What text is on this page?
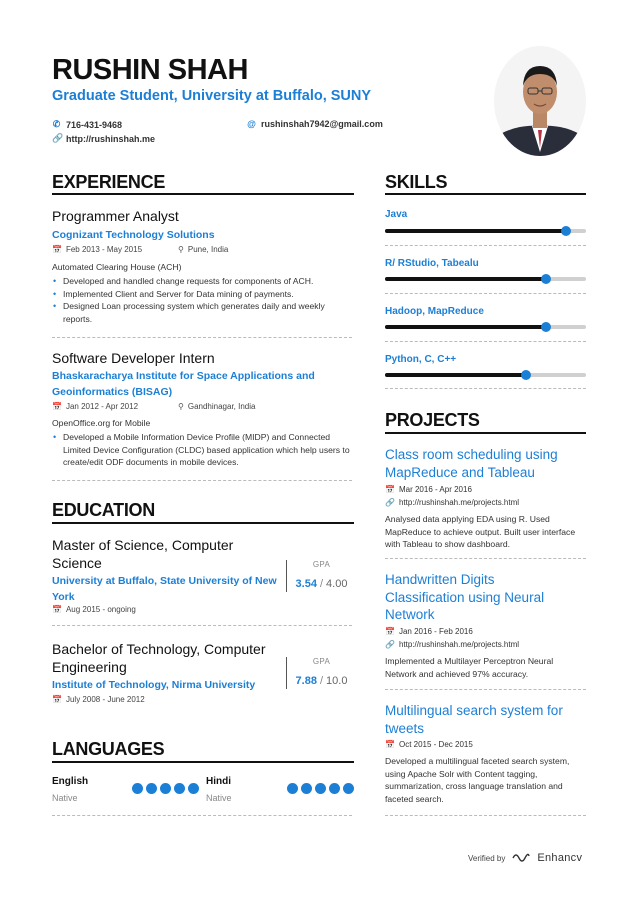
RUSHIN SHAH
Graduate Student, University at Buffalo, SUNY
✆ 716-431-9468	@ rushinshah7942@gmail.com
🔗 http://rushinshah.me
EXPERIENCE
Programmer Analyst
Cognizant Technology Solutions
📅 Feb 2013 - May 2015	⚲ Pune, India
Automated Clearing House (ACH)
• Developed and handled change requests for components of ACH.
• Implemented Client and Server for Data mining of payments.
• Designed Loan processing system which generates daily and weekly reports.
Software Developer Intern
Bhaskaracharya Institute for Space Applications and Geoinformatics (BISAG)
📅 Jan 2012 - Apr 2012	⚲ Gandhinagar, India
OpenOffice.org for Mobile
• Developed a Mobile Information Device Profile (MIDP) and Connected Limited Device Configuration (CLDC) based application which help users to create/edit ODF documents in mobile devices.
EDUCATION
Master of Science, Computer Science
University at Buffalo, State University of New York
📅 Aug 2015 - ongoing
GPA
3.54 / 4.00
Bachelor of Technology, Computer Engineering
Institute of Technology, Nirma University
📅 July 2008 - June 2012
GPA
7.88 / 10.0
LANGUAGES
English
Native
Hindi
Native
SKILLS
Java
R/ RStudio, Tabealu
Hadoop, MapReduce
Python, C, C++
PROJECTS
Class room scheduling using MapReduce and Tableau
📅 Mar 2016 - Apr 2016
🔗 http://rushinshah.me/projects.html
Analysed data applying EDA using R. Used MapReduce to achieve output. Built user interface with Tableau to show dashboard.
Handwritten Digits Classification using Neural Network
📅 Jan 2016 - Feb 2016
🔗 http://rushinshah.me/projects.html
Implemented a Multilayer Perceptron Neural Network and achieved 97% accuracy.
Multilingual search system for tweets
📅 Oct 2015 - Dec 2015
Developed a multilingual faceted search system, using Apache Solr with Content tagging, summarization, cross language translation and faceted search.
Verified by	Enhancv
